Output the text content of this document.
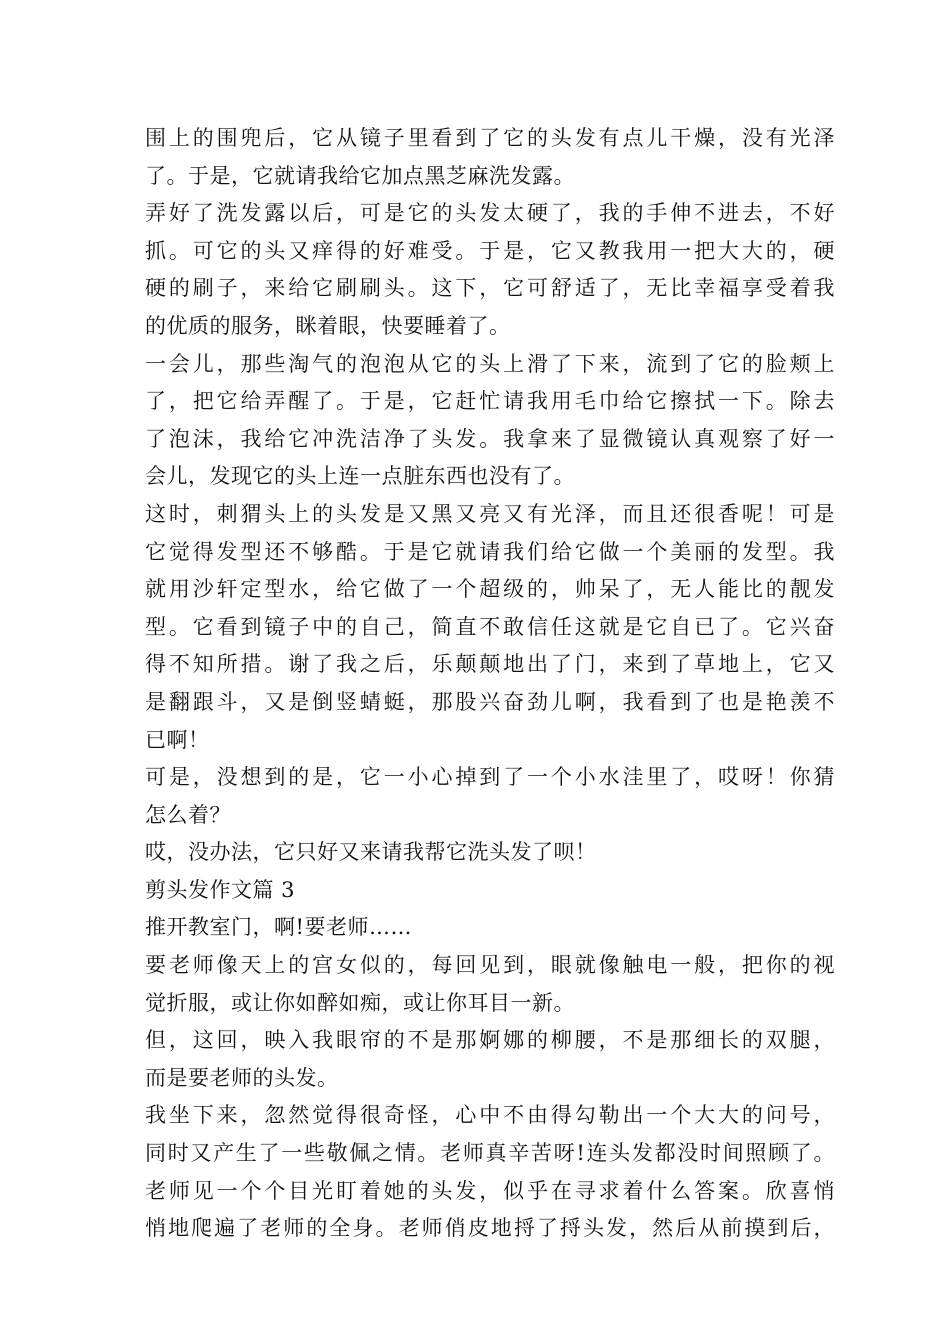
围上的围兜后，它从镜子里看到了它的头发有点儿干燥，没有光泽
了。于是，它就请我给它加点黑芝麻洗发露。
弄好了洗发露以后，可是它的头发太硬了，我的手伸不进去，不好
抓。可它的头又痒得的好难受。于是，它又教我用一把大大的，硬
硬的刷子，来给它刷刷头。这下，它可舒适了，无比幸福享受着我
的优质的服务，眯着眼，快要睡着了。
一会儿，那些淘气的泡泡从它的头上滑了下来，流到了它的脸颊上
了，把它给弄醒了。于是，它赶忙请我用毛巾给它擦拭一下。除去
了泡沫，我给它冲洗洁净了头发。我拿来了显微镜认真观察了好一
会儿，发现它的头上连一点脏东西也没有了。
这时，刺猬头上的头发是又黑又亮又有光泽，而且还很香呢！可是
它觉得发型还不够酷。于是它就请我们给它做一个美丽的发型。我
就用沙轩定型水，给它做了一个超级的，帅呆了，无人能比的靓发
型。它看到镜子中的自己，简直不敢信任这就是它自已了。它兴奋
得不知所措。谢了我之后，乐颠颠地出了门，来到了草地上，它又
是翻跟斗，又是倒竖蜻蜓，那股兴奋劲儿啊，我看到了也是艳羡不
已啊！
可是，没想到的是，它一小心掉到了一个小水洼里了，哎呀！你猜
怎么着？
哎，没办法，它只好又来请我帮它洗头发了呗！
剪头发作文篇 3
推开教室门，啊!要老师……
要老师像天上的宫女似的，每回见到，眼就像触电一般，把你的视
觉折服，或让你如醉如痴，或让你耳目一新。
但，这回，映入我眼帘的不是那婀娜的柳腰，不是那细长的双腿，
而是要老师的头发。
我坐下来，忽然觉得很奇怪，心中不由得勾勒出一个大大的问号，
同时又产生了一些敬佩之情。老师真辛苦呀!连头发都没时间照顾了。
老师见一个个目光盯着她的头发，似乎在寻求着什么答案。欣喜悄
悄地爬遍了老师的全身。老师俏皮地捋了捋头发，然后从前摸到后，
